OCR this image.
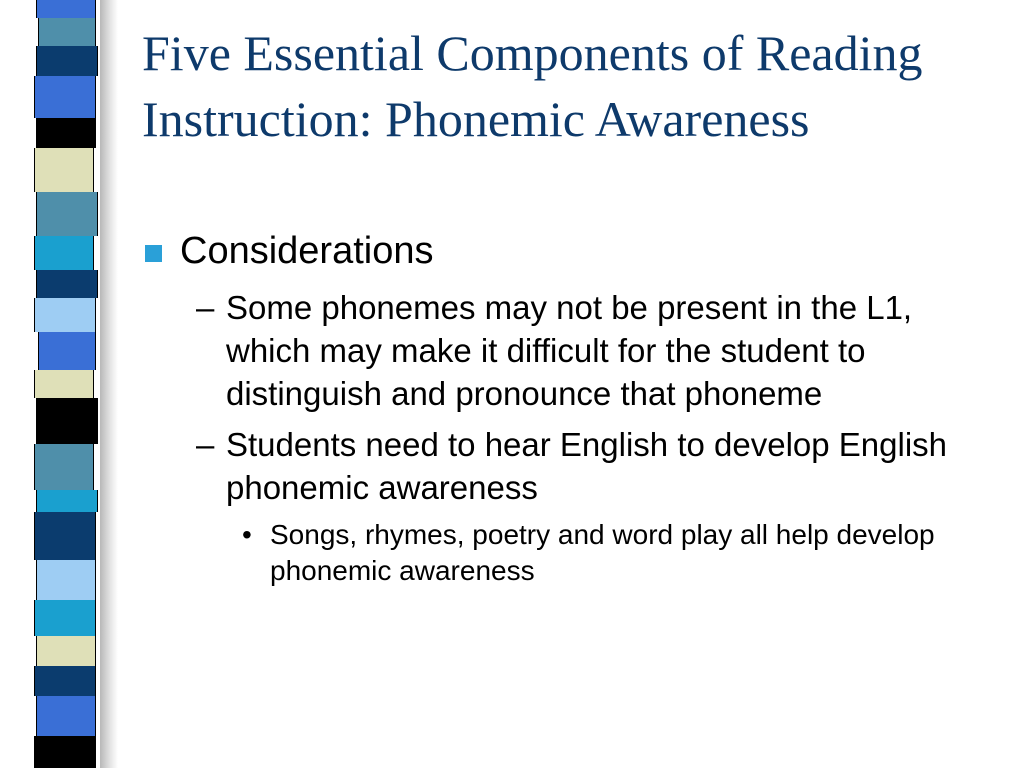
Five Essential Components of Reading Instruction: Phonemic Awareness
Considerations
– Some phonemes may not be present in the L1, which may make it difficult for the student to distinguish and pronounce that phoneme
– Students need to hear English to develop English phonemic awareness
• Songs, rhymes, poetry and word play all help develop phonemic awareness
